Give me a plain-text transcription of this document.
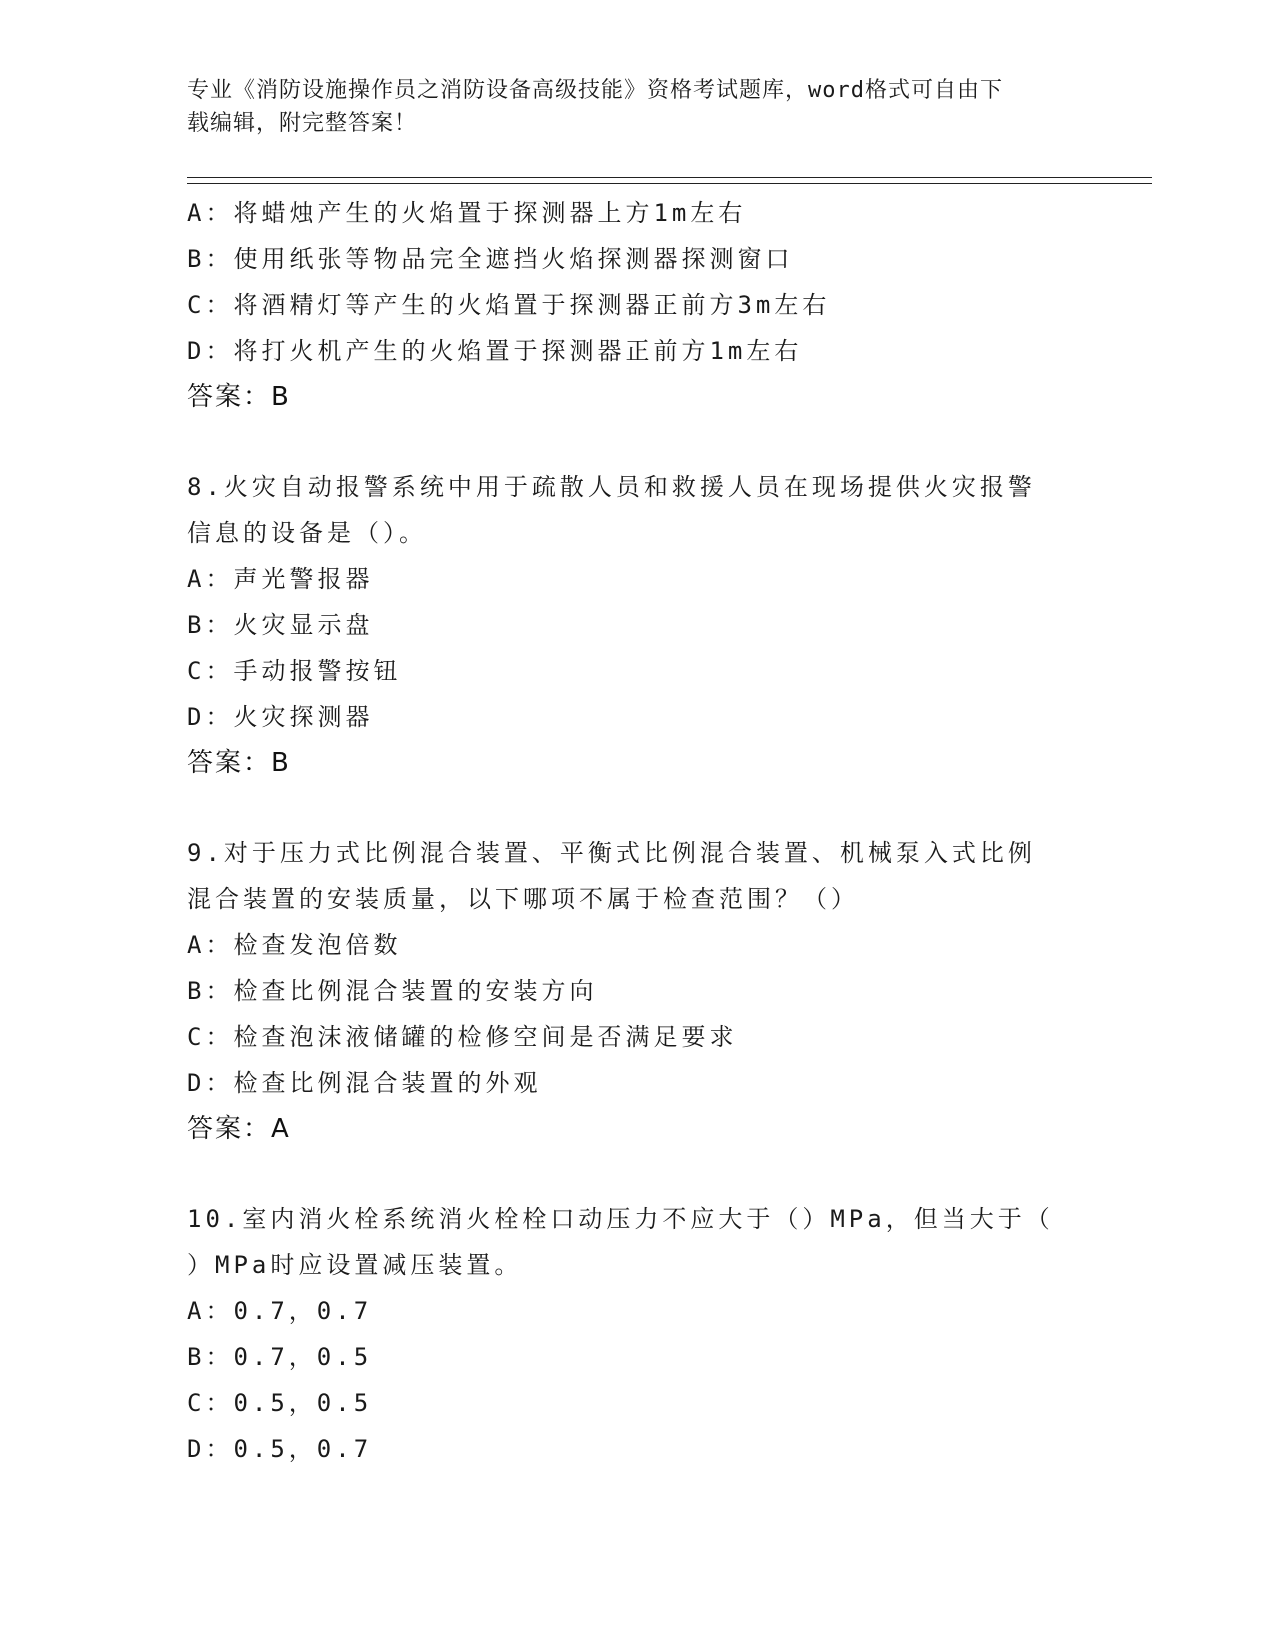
专业《消防设施操作员之消防设备高级技能》资格考试题库，word格式可自由下
载编辑，附完整答案！
A：将蜡烛产生的火焰置于探测器上方1m左右
B：使用纸张等物品完全遮挡火焰探测器探测窗口
C：将酒精灯等产生的火焰置于探测器正前方3m左右
D：将打火机产生的火焰置于探测器正前方1m左右
答案：B
8.火灾自动报警系统中用于疏散人员和救援人员在现场提供火灾报警
信息的设备是（）。
A：声光警报器
B：火灾显示盘
C：手动报警按钮
D：火灾探测器
答案：B
9.对于压力式比例混合装置、平衡式比例混合装置、机械泵入式比例
混合装置的安装质量，以下哪项不属于检查范围？（）
A：检查发泡倍数
B：检查比例混合装置的安装方向
C：检查泡沫液储罐的检修空间是否满足要求
D：检查比例混合装置的外观
答案：A
10.室内消火栓系统消火栓栓口动压力不应大于（）MPa，但当大于（
）MPa时应设置减压装置。
A：0.7，0.7
B：0.7，0.5
C：0.5，0.5
D：0.5，0.7
